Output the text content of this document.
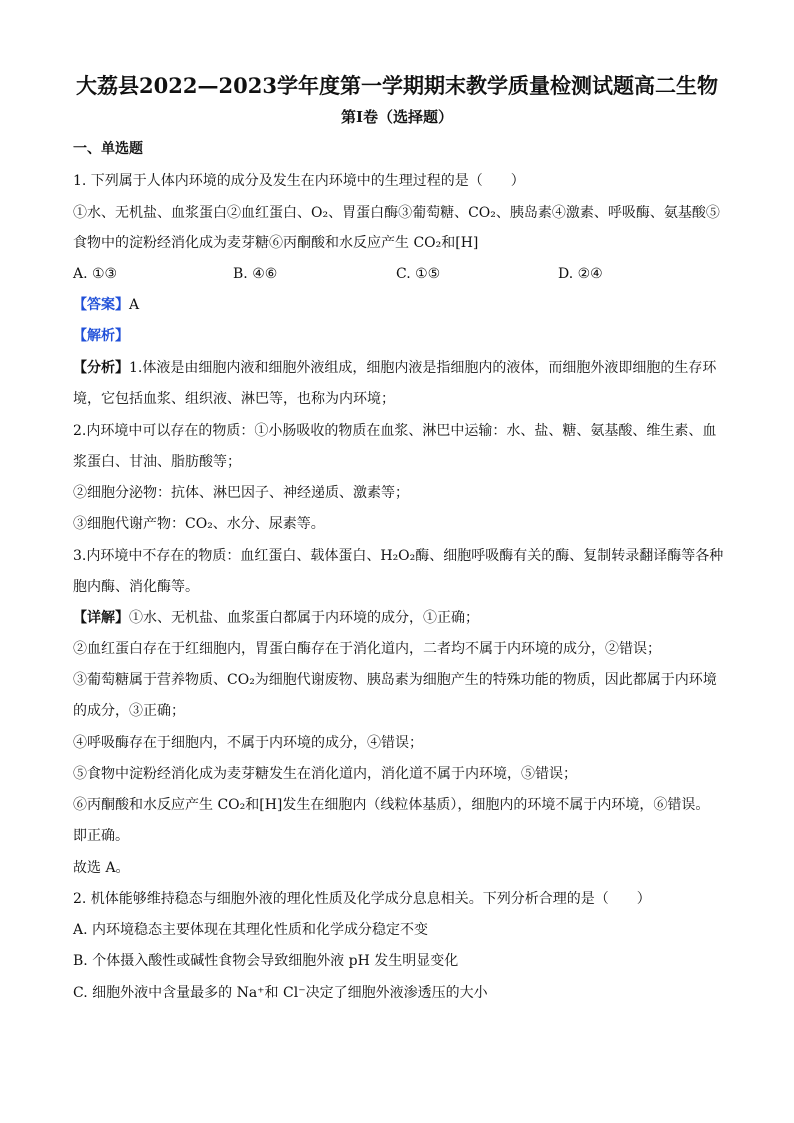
大荔县2022—2023学年度第一学期期末教学质量检测试题高二生物
第Ⅰ卷（选择题）
一、单选题
1. 下列属于人体内环境的成分及发生在内环境中的生理过程的是（　　）
①水、无机盐、血浆蛋白②血红蛋白、O₂、胃蛋白酶③葡萄糖、CO₂、胰岛素④激素、呼吸酶、氨基酸⑤
食物中的淀粉经消化成为麦芽糖⑥丙酮酸和水反应产生 CO₂和[H]
A. ①③	B. ④⑥	C. ①⑤	D. ②④
【答案】A
【解析】
【分析】1.体液是由细胞内液和细胞外液组成，细胞内液是指细胞内的液体，而细胞外液即细胞的生存环
境，它包括血浆、组织液、淋巴等，也称为内环境；
2.内环境中可以存在的物质：①小肠吸收的物质在血浆、淋巴中运输：水、盐、糖、氨基酸、维生素、血
浆蛋白、甘油、脂肪酸等；
②细胞分泌物：抗体、淋巴因子、神经递质、激素等；
③细胞代谢产物：CO₂、水分、尿素等。
3.内环境中不存在的物质：血红蛋白、载体蛋白、H₂O₂酶、细胞呼吸酶有关的酶、复制转录翻译酶等各种
胞内酶、消化酶等。
【详解】①水、无机盐、血浆蛋白都属于内环境的成分，①正确；
②血红蛋白存在于红细胞内，胃蛋白酶存在于消化道内，二者均不属于内环境的成分，②错误；
③葡萄糖属于营养物质、CO₂为细胞代谢废物、胰岛素为细胞产生的特殊功能的物质，因此都属于内环境
的成分，③正确；
④呼吸酶存在于细胞内，不属于内环境的成分，④错误；
⑤食物中淀粉经消化成为麦芽糖发生在消化道内，消化道不属于内环境，⑤错误；
⑥丙酮酸和水反应产生 CO₂和[H]发生在细胞内（线粒体基质），细胞内的环境不属于内环境，⑥错误。
即正确。
故选 A。
2. 机体能够维持稳态与细胞外液的理化性质及化学成分息息相关。下列分析合理的是（　　）
A. 内环境稳态主要体现在其理化性质和化学成分稳定不变
B. 个体摄入酸性或碱性食物会导致细胞外液 pH 发生明显变化
C. 细胞外液中含量最多的 Na⁺和 Cl⁻决定了细胞外液渗透压的大小
